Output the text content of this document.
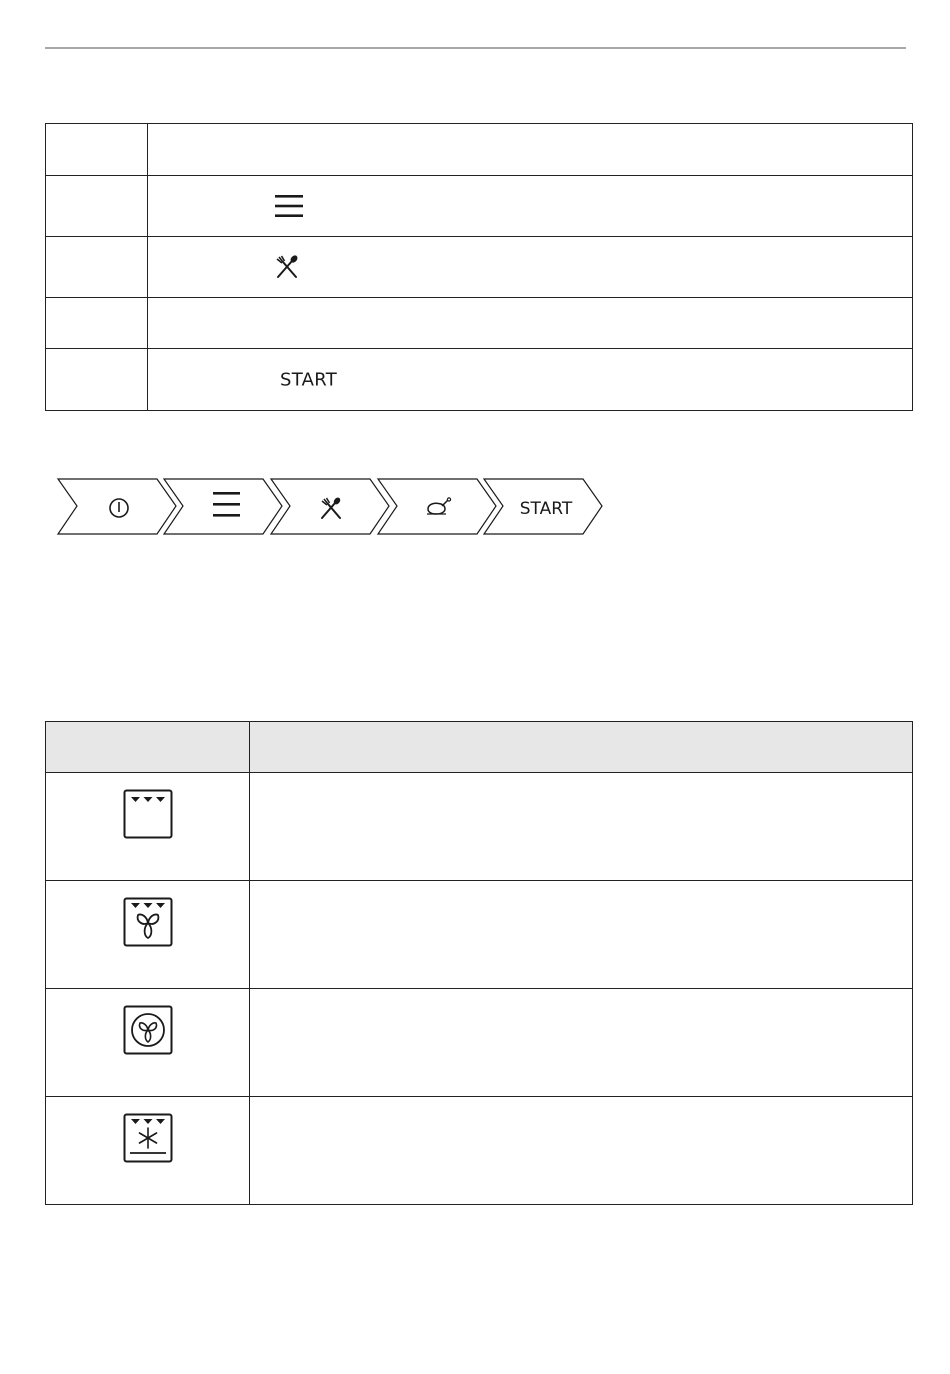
START
START
